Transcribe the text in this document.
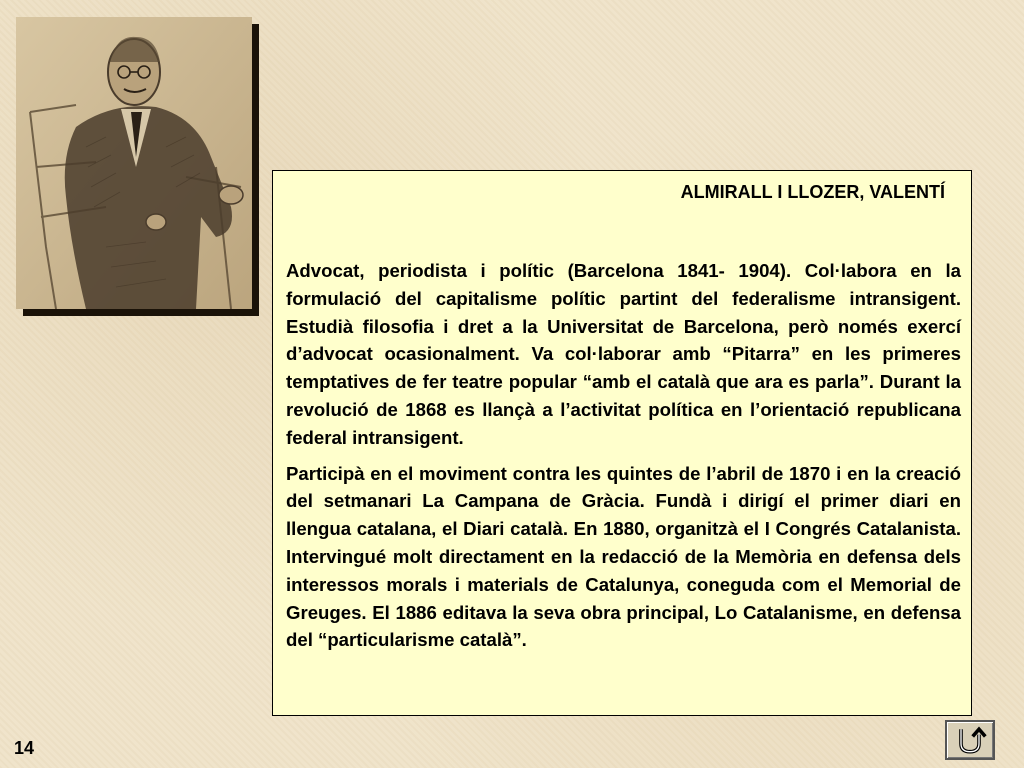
ALMIRALL I LLOZER, VALENTÍ

Advocat, periodista i polític (Barcelona 1841- 1904). Col·labora en la formulació del capitalisme polític partint del federalisme intransigent. Estudià filosofia i dret a la Universitat de Barcelona, però només exercí d’advocat ocasionalment. Va col·laborar amb “Pitarra” en les primeres temptatives de fer teatre popular “amb el català que ara es parla”. Durant la revolució de 1868 es llançà a l’activitat política en l’orientació republicana federal intransigent.

Participà en el moviment contra les quintes de l’abril de 1870 i en la creació del setmanari La Campana de Gràcia. Fundà i dirigí el primer diari en llengua catalana, el Diari català. En 1880, organitzà el I Congrés Catalanista. Intervingué molt directament en la redacció de la Memòria en defensa dels interessos morals i materials de Catalunya, coneguda com el Memorial de Greuges. El 1886 editava la seva obra principal, Lo Catalanisme, en defensa del “particularisme català”.

14
